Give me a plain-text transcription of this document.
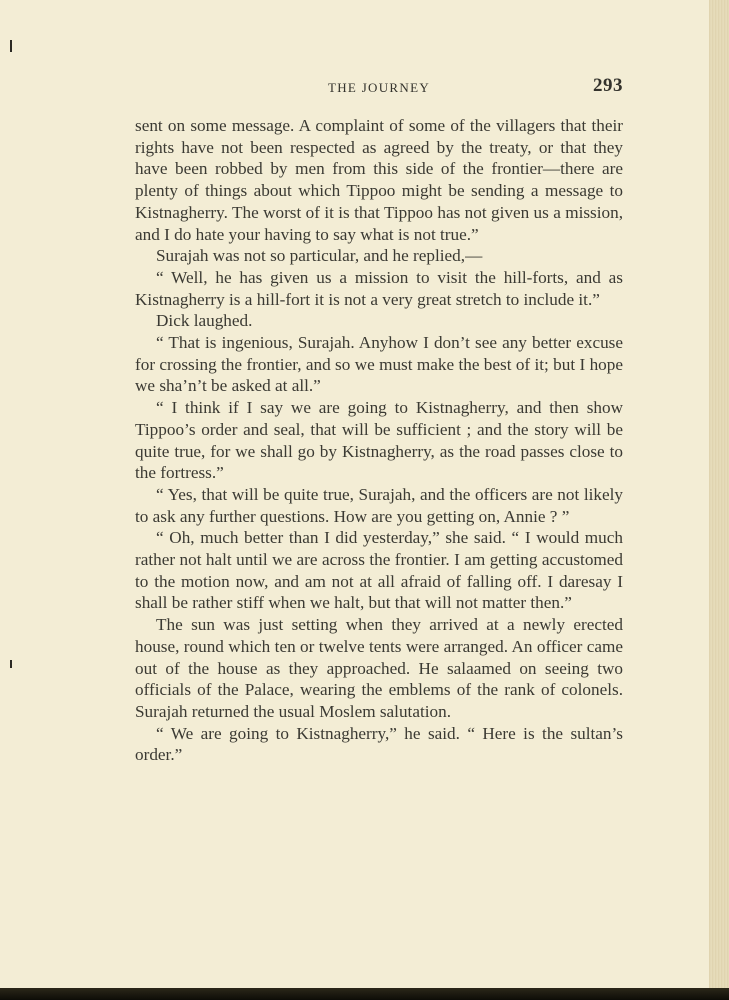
THE JOURNEY	293

sent on some message. A complaint of some of the villagers that their rights have not been respected as agreed by the treaty, or that they have been robbed by men from this side of the frontier—there are plenty of things about which Tippoo might be sending a message to Kistnagherry. The worst of it is that Tippoo has not given us a mission, and I do hate your having to say what is not true.”

Surajah was not so particular, and he replied,—

“ Well, he has given us a mission to visit the hill-forts, and as Kistnagherry is a hill-fort it is not a very great stretch to include it.”

Dick laughed.

“ That is ingenious, Surajah. Anyhow I don’t see any better excuse for crossing the frontier, and so we must make the best of it; but I hope we sha’n’t be asked at all.”

“ I think if I say we are going to Kistnagherry, and then show Tippoo’s order and seal, that will be sufficient ; and the story will be quite true, for we shall go by Kistnagherry, as the road passes close to the fortress.”

“ Yes, that will be quite true, Surajah, and the officers are not likely to ask any further questions. How are you getting on, Annie ? ”

“ Oh, much better than I did yesterday,” she said. “ I would much rather not halt until we are across the frontier. I am getting accustomed to the motion now, and am not at all afraid of falling off. I daresay I shall be rather stiff when we halt, but that will not matter then.”

The sun was just setting when they arrived at a newly erected house, round which ten or twelve tents were arranged. An officer came out of the house as they approached. He salaamed on seeing two officials of the Palace, wearing the emblems of the rank of colonels. Surajah returned the usual Moslem salutation.

“ We are going to Kistnagherry,” he said. “ Here is the sultan’s order.”
